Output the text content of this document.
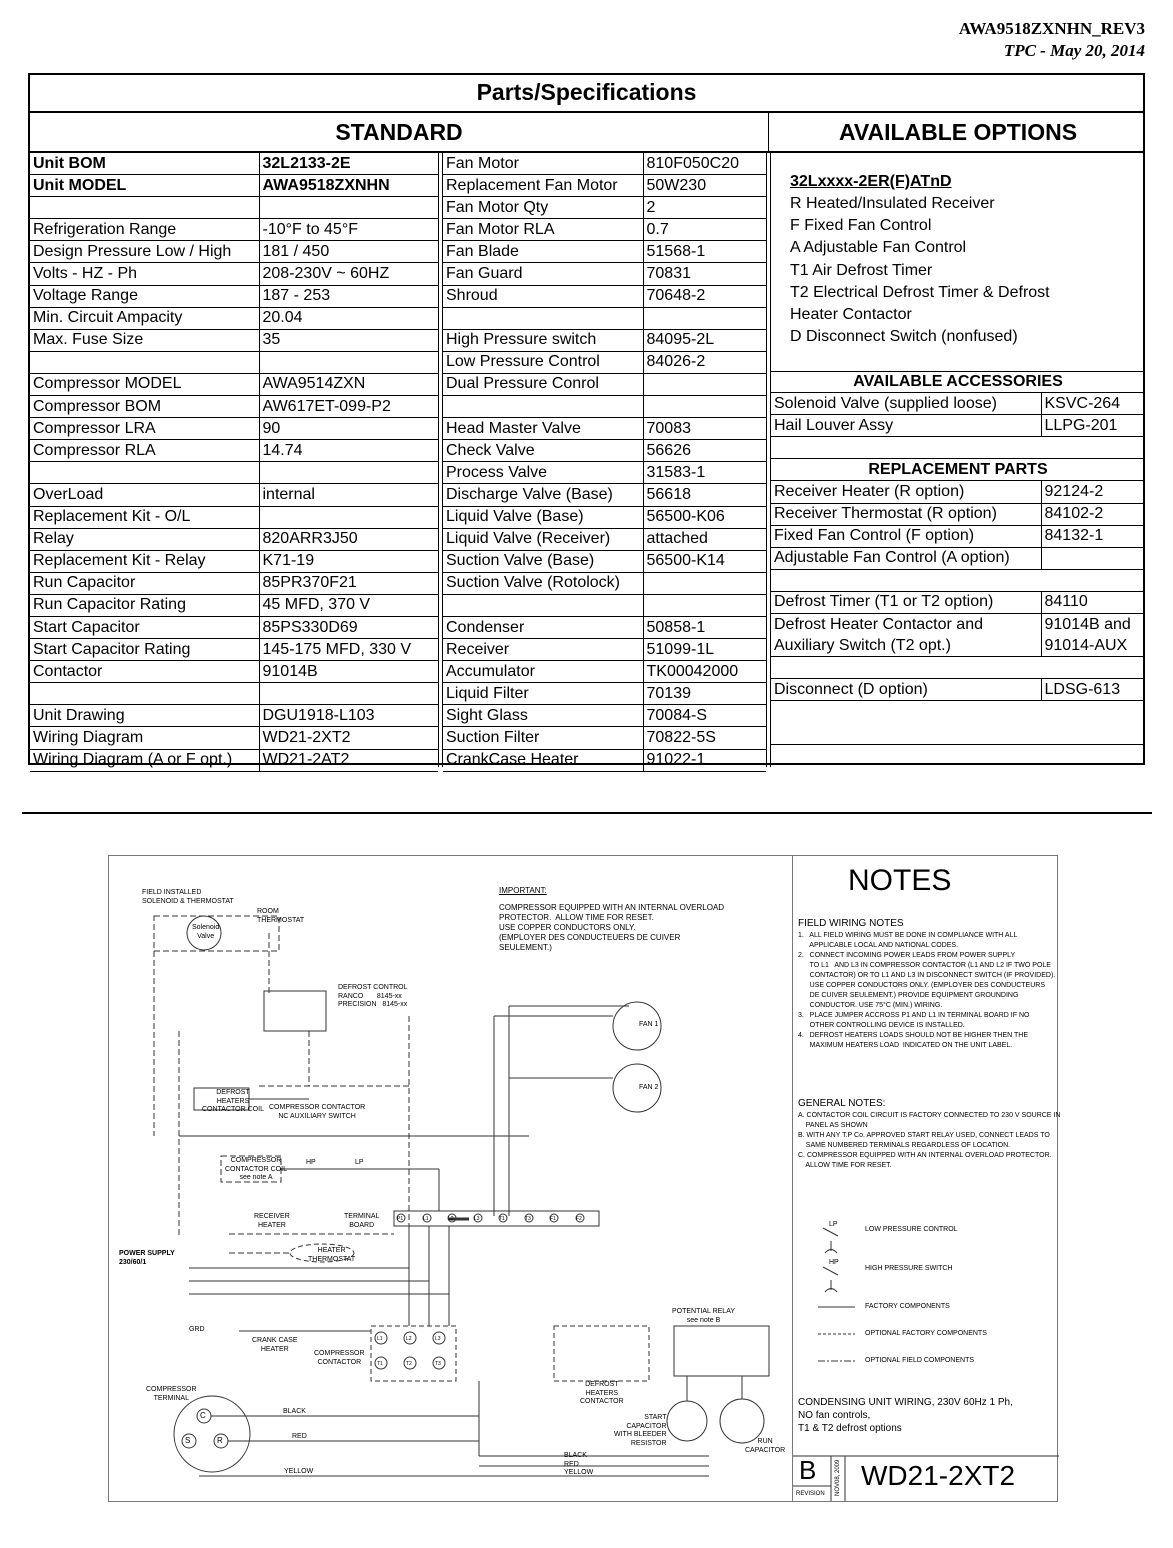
AWA9518ZXNHN_REV3
TPC - May 20, 2014
Parts/Specifications
STANDARD	AVAILABLE OPTIONS
Unit BOM	32L2133-2E
Unit MODEL	AWA9518ZXNHN

Refrigeration Range	-10°F to 45°F
Design Pressure Low / High	181 / 450
Volts - HZ - Ph	208-230V ~ 60HZ
Voltage Range	187 - 253
Min. Circuit Ampacity	20.04
Max. Fuse Size	35

Compressor MODEL	AWA9514ZXN
Compressor BOM	AW617ET-099-P2
Compressor LRA	90
Compressor RLA	14.74

OverLoad	internal
Replacement Kit - O/L	
Relay	820ARR3J50
Replacement Kit - Relay	K71-19
Run Capacitor	85PR370F21
Run Capacitor Rating	45 MFD, 370 V
Start Capacitor	85PS330D69
Start Capacitor Rating	145-175 MFD, 330 V
Contactor	91014B

Unit Drawing	DGU1918-L103
Wiring Diagram	WD21-2XT2
Wiring Diagram (A or F opt.)	WD21-2AT2
Fan Motor	810F050C20
Replacement Fan Motor	50W230
Fan Motor Qty	2
Fan Motor RLA	0.7
Fan Blade	51568-1
Fan Guard	70831
Shroud	70648-2

High Pressure switch	84095-2L
Low Pressure Control	84026-2
Dual Pressure Conrol	

Head Master Valve	70083
Check Valve	56626
Process Valve	31583-1
Discharge Valve (Base)	56618
Liquid Valve (Base)	56500-K06
Liquid Valve (Receiver)	attached
Suction Valve (Base)	56500-K14
Suction Valve (Rotolock)	

Condenser	50858-1
Receiver	51099-1L
Accumulator	TK00042000
Liquid Filter	70139
Sight Glass	70084-S
Suction Filter	70822-5S
CrankCase Heater	91022-1
32Lxxxx-2ER(F)ATnD
R Heated/Insulated Receiver
F Fixed Fan Control
A Adjustable Fan Control
T1 Air Defrost Timer
T2 Electrical Defrost Timer & Defrost
Heater Contactor
D Disconnect Switch (nonfused)
AVAILABLE ACCESSORIES	
Solenoid Valve (supplied loose)	KSVC-264
Hail Louver Assy	LLPG-201

REPLACEMENT PARTS	
Receiver Heater (R option)	92124-2
Receiver Thermostat (R option)	84102-2
Fixed Fan Control (F option)	84132-1
Adjustable Fan Control (A option)	

Defrost Timer (T1 or T2 option)	84110
Defrost Heater Contactor and	91014B and
Auxiliary Switch (T2 opt.)	91014-AUX

Disconnect (D option)	LDSG-613

FIELD INSTALLED
SOLENOID & THERMOSTAT
ROOM
THERMOSTAT
Solenoid
Valve
DEFROST CONTROL
RANCO       8145-xx
PRECISION   8145-xx
DEFROST
HEATERS
CONTACTOR COIL COMPRESSOR CONTACTOR
NC AUXILIARY SWITCH
COMPRESSOR
CONTACTOR COIL
see note A
HP	LP
FAN 1
FAN 2
RECEIVER
HEATER
TERMINAL
BOARD
HEATER
THERMOSTAT
POWER SUPPLY
230/60/1
GRD
CRANK CASE
HEATER
COMPRESSOR
CONTACTOR
COMPRESSOR
TERMINAL
DEFROST
HEATERS
CONTACTOR
POTENTIAL RELAY
see note B
START
CAPACITOR
WITH BLEEDER
RESISTOR	RUN
CAPACITOR
BLACK
RED
YELLOW
BLACK
RED
YELLOW
C
S	R
P1	L1	L2	L3	T1	T3	F1	F2
L1	L2	L3
T1	T2	T3
IMPORTANT:
COMPRESSOR EQUIPPED WITH AN INTERNAL OVERLOAD
PROTECTOR.  ALLOW TIME FOR RESET.
USE COPPER CONDUCTORS ONLY.
(EMPLOYER DES CONDUCTEUERS DE CUIVER
SEULEMENT.)
NOTES
FIELD WIRING NOTES
1.   ALL FIELD WIRING MUST BE DONE IN COMPLIANCE WITH ALL
APPLICABLE LOCAL AND NATIONAL CODES.
2.   CONNECT INCOMING POWER LEADS FROM POWER SUPPLY
TO L1   AND L3 IN COMPRESSOR CONTACTOR (L1 AND L2 IF TWO POLE
CONTACTOR) OR TO L1 AND L3 IN DISCONNECT SWITCH (IF PROVIDED).
USE COPPER CONDUCTORS ONLY. (EMPLOYER DES CONDUCTEURS
DE CUIVER SEULEMENT.) PROVIDE EQUIPMENT GROUNDING
CONDUCTOR. USE 75°C (MIN.) WIRING.
3.   PLACE JUMPER ACCROSS P1 AND L1 IN TERMINAL BOARD IF NO
OTHER CONTROLLING DEVICE IS INSTALLED.
4.   DEFROST HEATERS LOADS SHOULD NOT BE HIGHER THEN THE
MAXIMUM HEATERS LOAD  INDICATED ON THE UNIT LABEL.
GENERAL NOTES:
A. CONTACTOR COIL CIRCUIT IS FACTORY CONNECTED TO 230 V SOURCE IN
PANEL AS SHOWN
B. WITH ANY T.P Co. APPROVED START RELAY USED, CONNECT LEADS TO
SAME NUMBERED TERMINALS REGARDLESS OF LOCATION.
C. COMPRESSOR EQUIPPED WITH AN INTERNAL OVERLOAD PROTECTOR.
ALLOW TIME FOR RESET.
LP
HP
LOW PRESSURE CONTROL
HIGH PRESSURE SWITCH
FACTORY COMPONENTS
OPTIONAL FACTORY COMPONENTS
OPTIONAL FIELD COMPONENTS
CONDENSING UNIT WIRING, 230V 60Hz 1 Ph,
NO fan controls,
T1 & T2 defrost options
B
REVISION NOV08, 2009 WD21-2XT2
